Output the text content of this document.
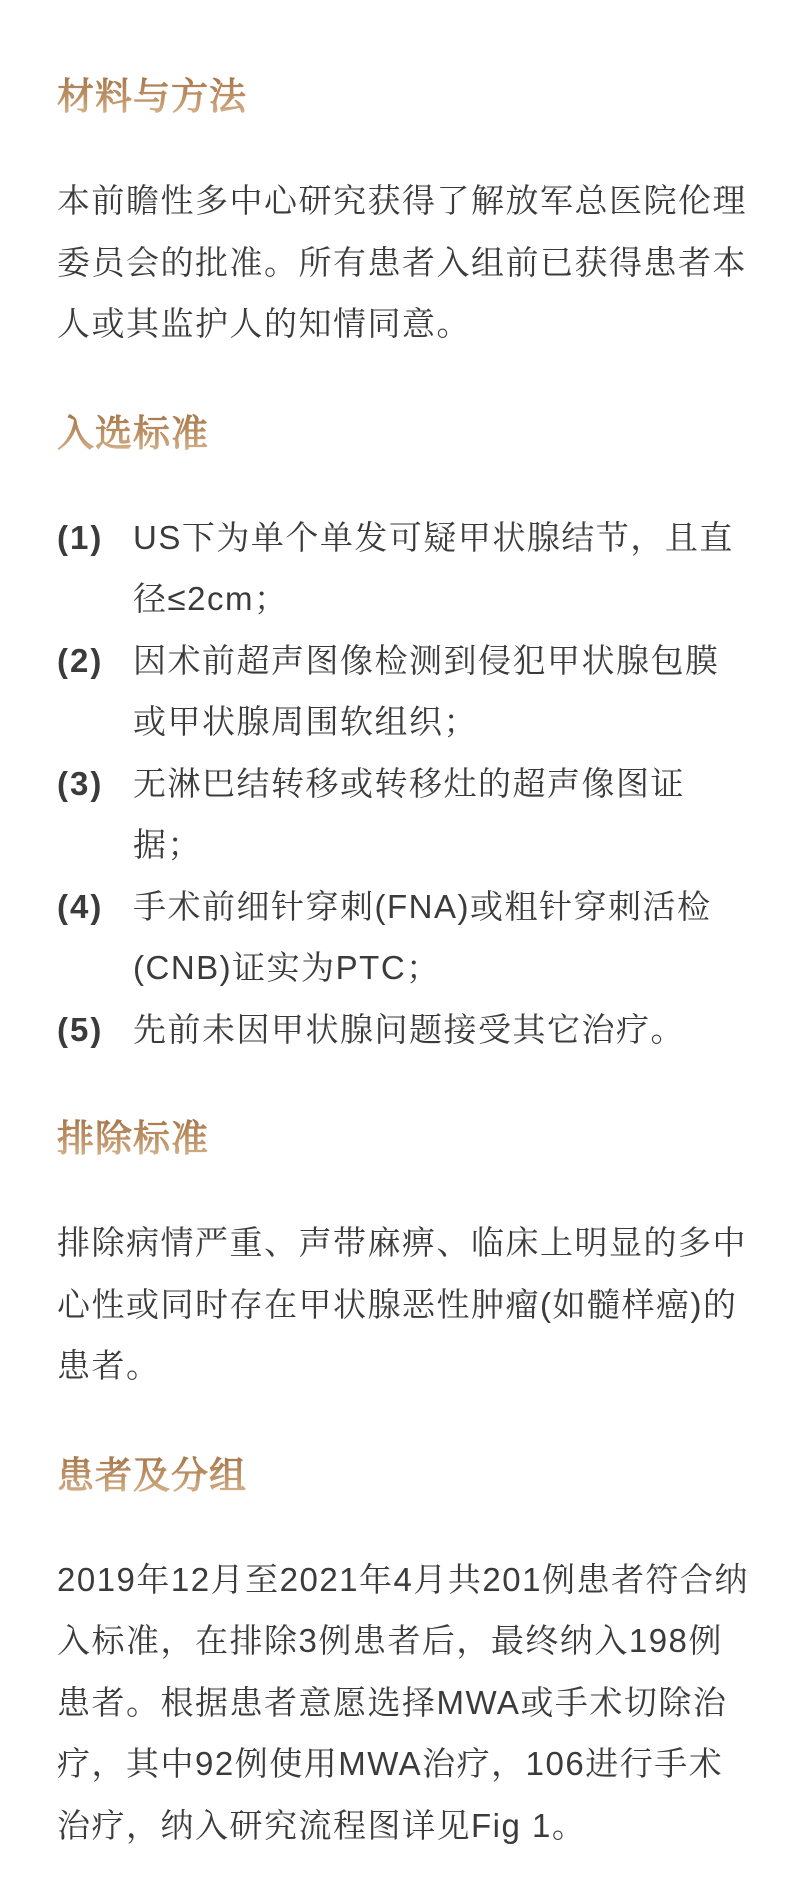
材料与方法
本前瞻性多中心研究获得了解放军总医院伦理
委员会的批准。所有患者入组前已获得患者本
人或其监护人的知情同意。
入选标准
(1) US下为单个单发可疑甲状腺结节，且直
径≤2cm；
(2) 因术前超声图像检测到侵犯甲状腺包膜
或甲状腺周围软组织；
(3) 无淋巴结转移或转移灶的超声像图证
据；
(4) 手术前细针穿刺(FNA)或粗针穿刺活检
(CNB)证实为PTC；
(5) 先前未因甲状腺问题接受其它治疗。
排除标准
排除病情严重、声带麻痹、临床上明显的多中
心性或同时存在甲状腺恶性肿瘤(如髓样癌)的
患者。
患者及分组
2019年12月至2021年4月共201例患者符合纳
入标准，在排除3例患者后，最终纳入198例
患者。根据患者意愿选择MWA或手术切除治
疗，其中92例使用MWA治疗，106进行手术
治疗，纳入研究流程图详见Fig 1。
